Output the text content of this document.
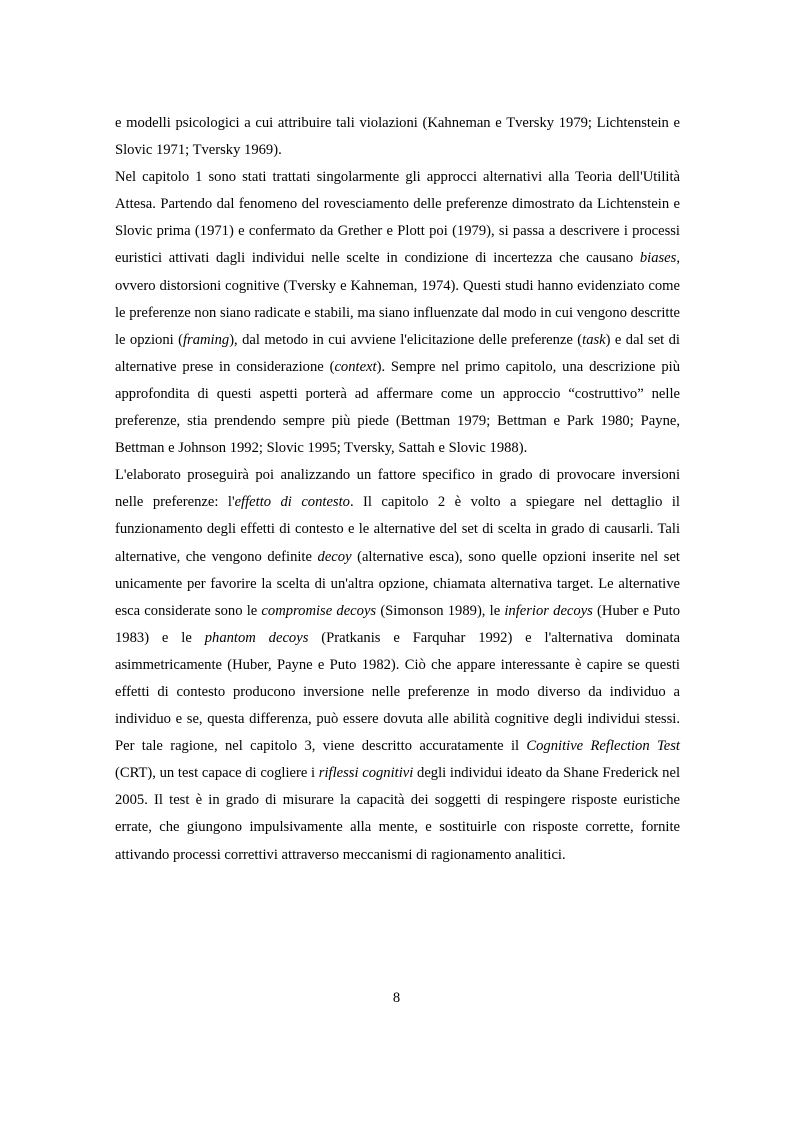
e modelli psicologici a cui attribuire tali violazioni (Kahneman e Tversky 1979; Lichtenstein e Slovic 1971; Tversky 1969).

Nel capitolo 1 sono stati trattati singolarmente gli approcci alternativi alla Teoria dell'Utilità Attesa. Partendo dal fenomeno del rovesciamento delle preferenze dimostrato da Lichtenstein e Slovic prima (1971) e confermato da Grether e Plott poi (1979), si passa a descrivere i processi euristici attivati dagli individui nelle scelte in condizione di incertezza che causano biases, ovvero distorsioni cognitive (Tversky e Kahneman, 1974). Questi studi hanno evidenziato come le preferenze non siano radicate e stabili, ma siano influenzate dal modo in cui vengono descritte le opzioni (framing), dal metodo in cui avviene l'elicitazione delle preferenze (task) e dal set di alternative prese in considerazione (context). Sempre nel primo capitolo, una descrizione più approfondita di questi aspetti porterà ad affermare come un approccio “costruttivo” nelle preferenze, stia prendendo sempre più piede (Bettman 1979; Bettman e Park 1980; Payne, Bettman e Johnson 1992; Slovic 1995; Tversky, Sattah e Slovic 1988).

L'elaborato proseguirà poi analizzando un fattore specifico in grado di provocare inversioni nelle preferenze: l'effetto di contesto. Il capitolo 2 è volto a spiegare nel dettaglio il funzionamento degli effetti di contesto e le alternative del set di scelta in grado di causarli. Tali alternative, che vengono definite decoy (alternative esca), sono quelle opzioni inserite nel set unicamente per favorire la scelta di un'altra opzione, chiamata alternativa target. Le alternative esca considerate sono le compromise decoys (Simonson 1989), le inferior decoys (Huber e Puto 1983) e le phantom decoys (Pratkanis e Farquhar 1992) e l'alternativa dominata asimmetricamente (Huber, Payne e Puto 1982). Ciò che appare interessante è capire se questi effetti di contesto producono inversione nelle preferenze in modo diverso da individuo a individuo e se, questa differenza, può essere dovuta alle abilità cognitive degli individui stessi. Per tale ragione, nel capitolo 3, viene descritto accuratamente il Cognitive Reflection Test (CRT), un test capace di cogliere i riflessi cognitivi degli individui ideato da Shane Frederick nel 2005. Il test è in grado di misurare la capacità dei soggetti di respingere risposte euristiche errate, che giungono impulsivamente alla mente, e sostituirle con risposte corrette, fornite attivando processi correttivi attraverso meccanismi di ragionamento analitici.

8
